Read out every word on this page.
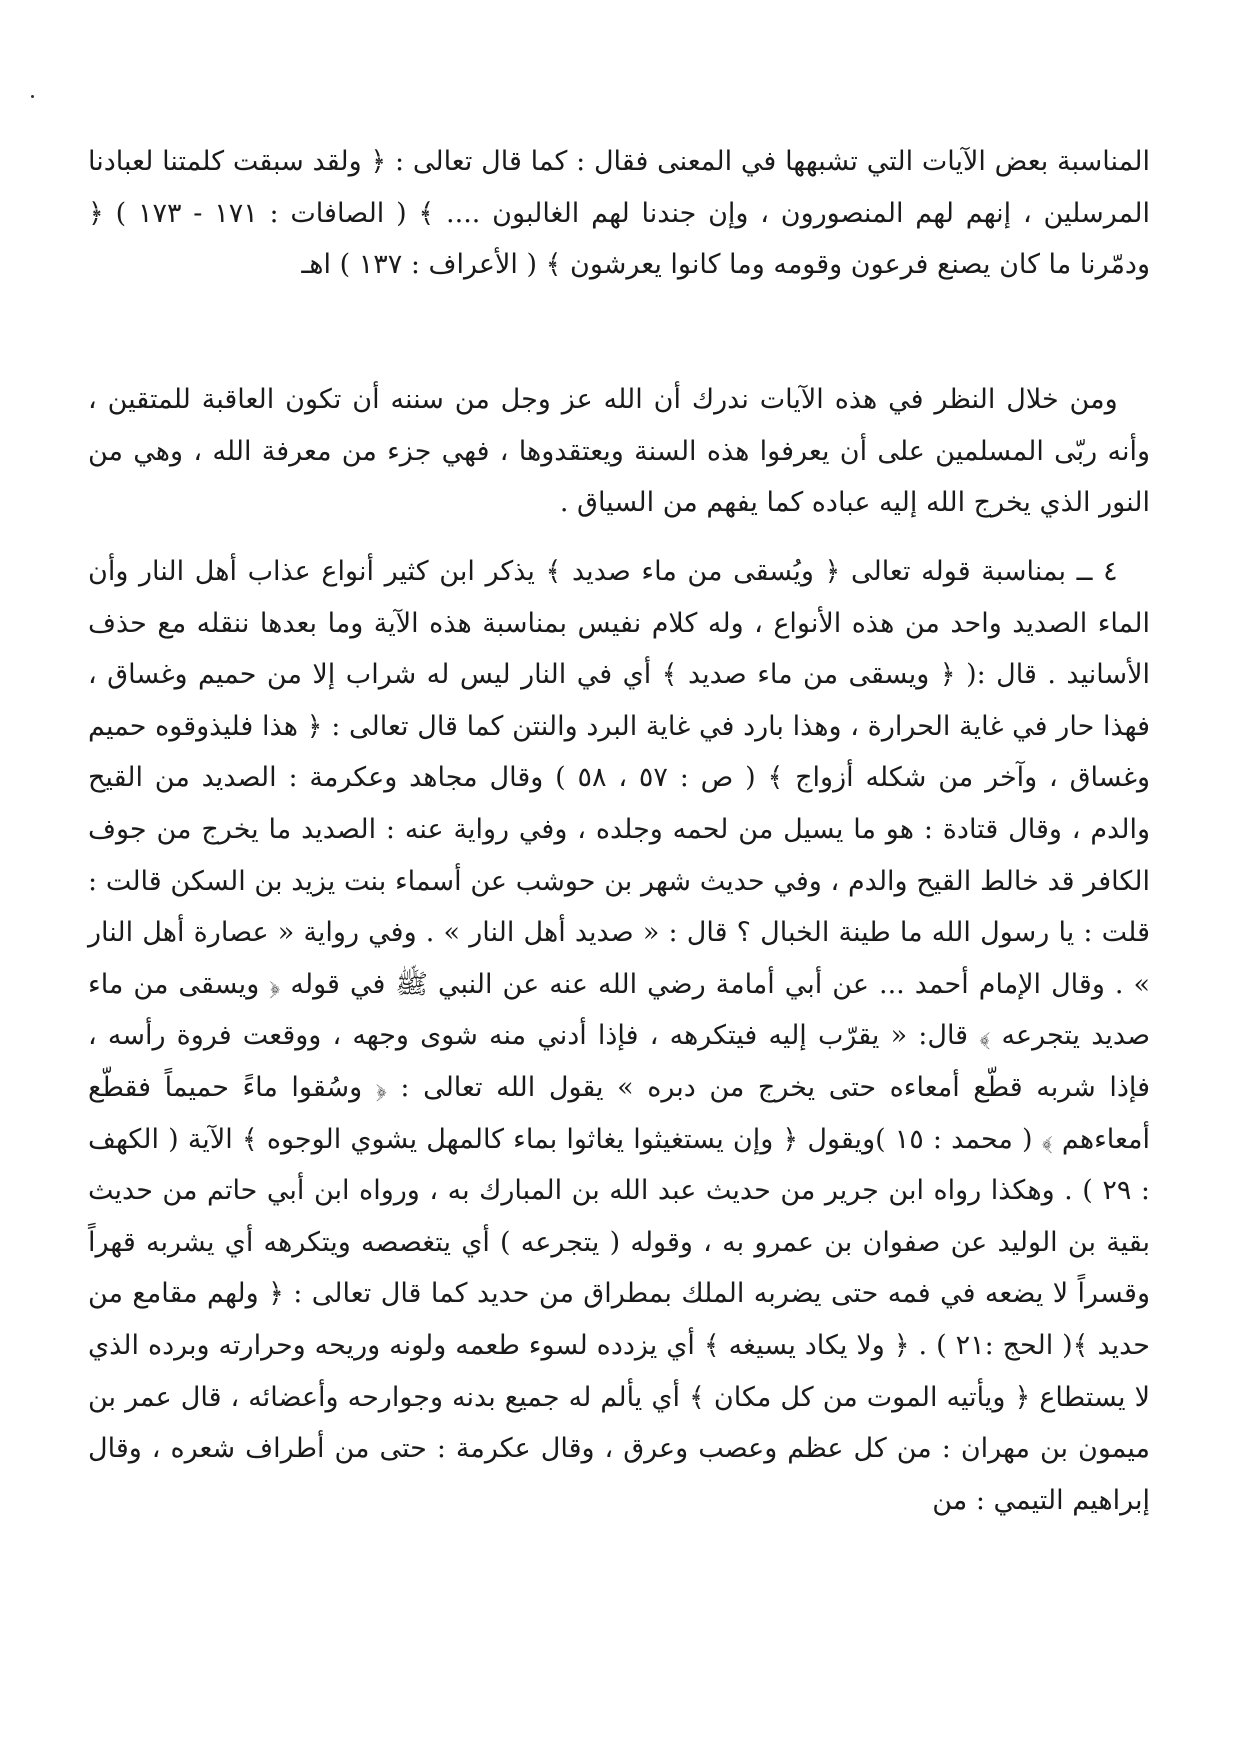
المناسبة بعض الآيات التي تشبهها في المعنى فقال : كما قال تعالى : ﴿ ولقد سبقت كلمتنا لعبادنا المرسلين ، إنهم لهم المنصورون ، وإن جندنا لهم الغالبون .... ﴾ ( الصافات : ١٧١ - ١٧٣ ) ﴿ ودمّرنا ما كان يصنع فرعون وقومه وما كانوا يعرشون ﴾ ( الأعراف : ١٣٧ ) اهـ

ومن خلال النظر في هذه الآيات ندرك أن الله عز وجل من سننه أن تكون العاقبة للمتقين ، وأنه ربّى المسلمين على أن يعرفوا هذه السنة ويعتقدوها ، فهي جزء من معرفة الله ، وهي من النور الذي يخرج الله إليه عباده كما يفهم من السياق .

٤ ــ بمناسبة قوله تعالى ﴿ ويُسقى من ماء صديد ﴾ يذكر ابن كثير أنواع عذاب أهل النار وأن الماء الصديد واحد من هذه الأنواع ، وله كلام نفيس بمناسبة هذه الآية وما بعدها ننقله مع حذف الأسانيد . قال :( ﴿ ويسقى من ماء صديد ﴾ أي في النار ليس له شراب إلا من حميم وغساق ، فهذا حار في غاية الحرارة ، وهذا بارد في غاية البرد والنتن كما قال تعالى : ﴿ هذا فليذوقوه حميم وغساق ، وآخر من شكله أزواج ﴾ ( ص : ٥٧ ، ٥٨ ) وقال مجاهد وعكرمة : الصديد من القيح والدم ، وقال قتادة : هو ما يسيل من لحمه وجلده ، وفي رواية عنه : الصديد ما يخرج من جوف الكافر قد خالط القيح والدم ، وفي حديث شهر بن حوشب عن أسماء بنت يزيد بن السكن قالت : قلت : يا رسول الله ما طينة الخبال ؟ قال : « صديد أهل النار » . وفي رواية « عصارة أهل النار » . وقال الإمام أحمد ... عن أبي أمامة رضي الله عنه عن النبي ﷺ في قوله ﴿ ويسقى من ماء صديد يتجرعه ﴾ قال: « يقرّب إليه فيتكرهه ، فإذا أدني منه شوى وجهه ، ووقعت فروة رأسه ، فإذا شربه قطّع أمعاءه حتى يخرج من دبره » يقول الله تعالى : ﴿ وسُقوا ماءً حميماً فقطّع أمعاءهم ﴾ ( محمد : ١٥ )ويقول ﴿ وإن يستغيثوا يغاثوا بماء كالمهل يشوي الوجوه ﴾ الآية ( الكهف : ٢٩ ) . وهكذا رواه ابن جرير من حديث عبد الله بن المبارك به ، ورواه ابن أبي حاتم من حديث بقية بن الوليد عن صفوان بن عمرو به ، وقوله ( يتجرعه ) أي يتغصصه ويتكرهه أي يشربه قهراً وقسراً لا يضعه في فمه حتى يضربه الملك بمطراق من حديد كما قال تعالى : ﴿ ولهم مقامع من حديد ﴾( الحج :٢١ ) . ﴿ ولا يكاد يسيغه ﴾ أي يزدده لسوء طعمه ولونه وريحه وحرارته وبرده الذي لا يستطاع ﴿ ويأتيه الموت من كل مكان ﴾ أي يألم له جميع بدنه وجوارحه وأعضائه ، قال عمر بن ميمون بن مهران : من كل عظم وعصب وعرق ، وقال عكرمة : حتى من أطراف شعره ، وقال إبراهيم التيمي : من
